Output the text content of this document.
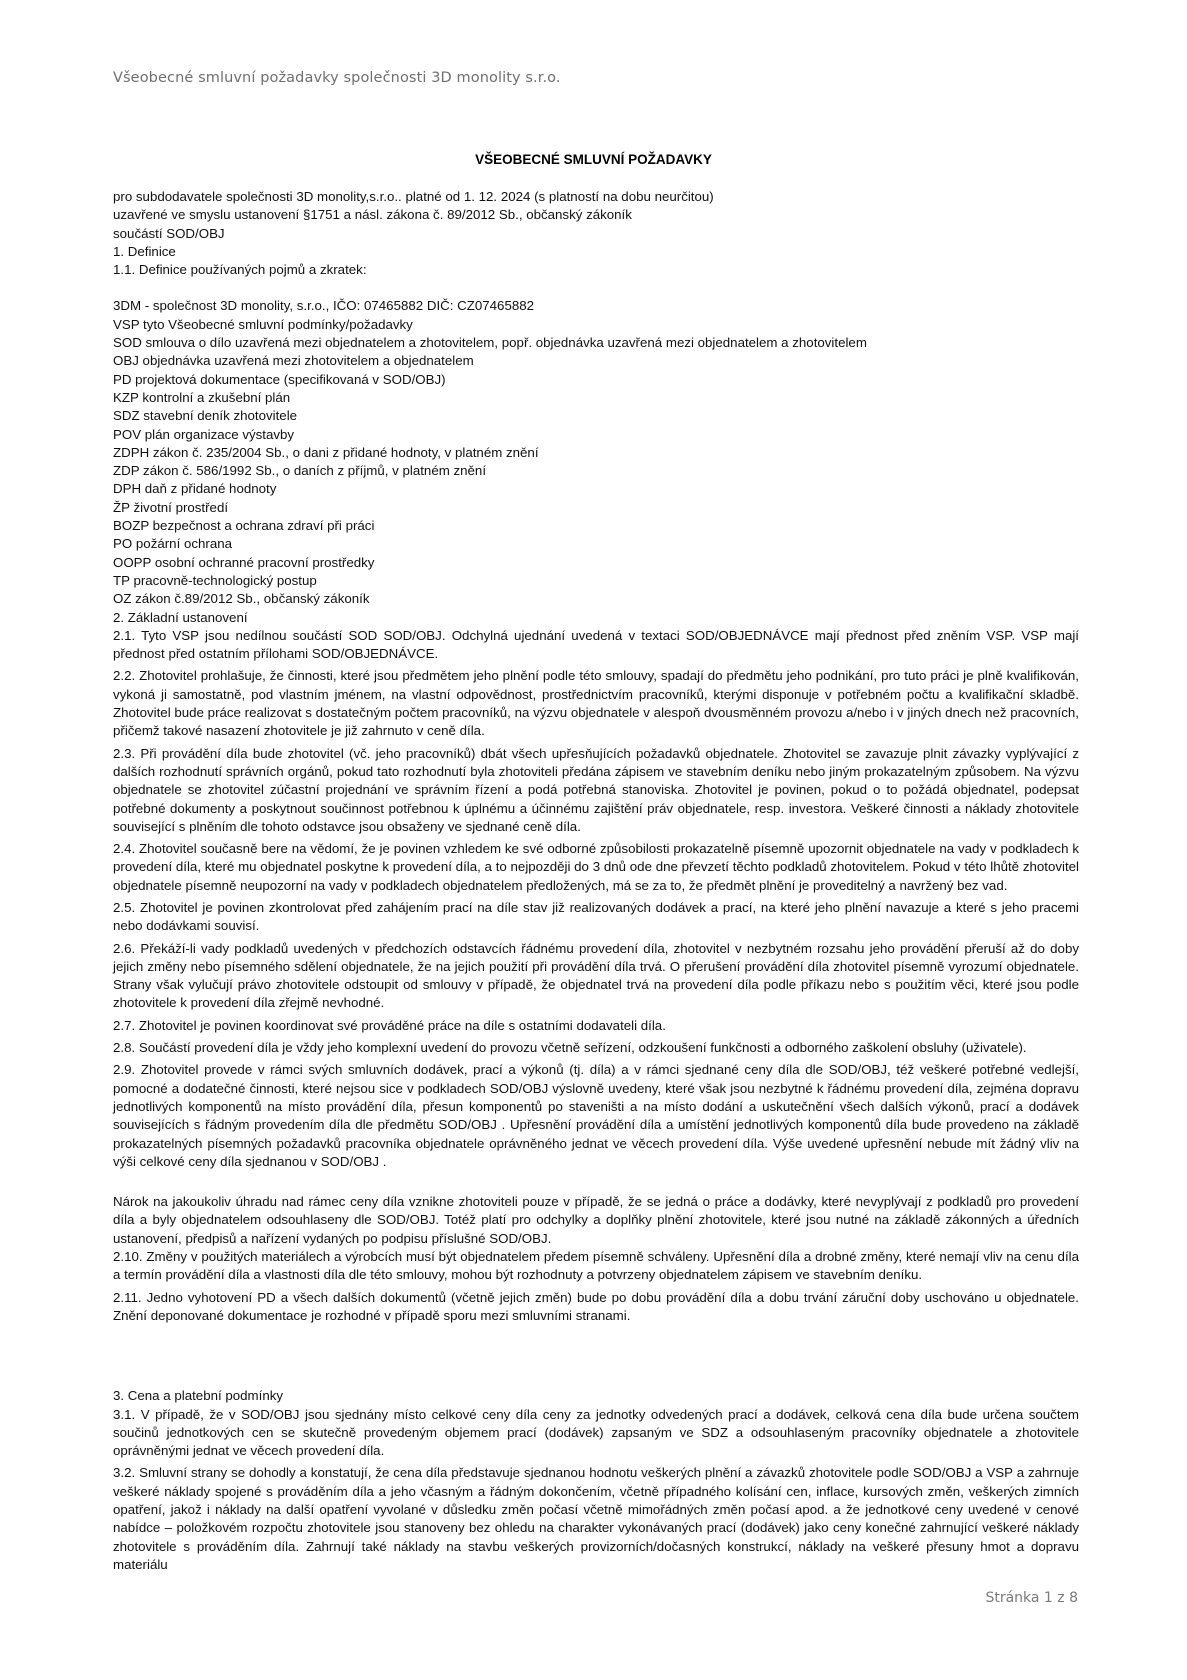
Všeobecné smluvní požadavky společnosti 3D monolity s.r.o.
VŠEOBECNÉ SMLUVNÍ POŽADAVKY

pro subdodavatele společnosti 3D monolity,s.r.o.. platné od 1. 12. 2024 (s platností na dobu neurčitou)

uzavřené ve smyslu ustanovení §1751 a násl. zákona č. 89/2012 Sb., občanský zákoník

součástí SOD/OBJ

1. Definice

1.1. Definice používaných pojmů a zkratek:

3DM - společnost 3D monolity, s.r.o., IČO: 07465882 DIČ: CZ07465882

VSP tyto Všeobecné smluvní podmínky/požadavky

SOD smlouva o dílo uzavřená mezi objednatelem a zhotovitelem, popř. objednávka uzavřená mezi objednatelem a zhotovitelem

OBJ objednávka uzavřená mezi zhotovitelem a objednatelem

PD projektová dokumentace (specifikovaná v SOD/OBJ)

KZP kontrolní a zkušební plán

SDZ stavební deník zhotovitele

POV plán organizace výstavby

ZDPH zákon č. 235/2004 Sb., o dani z přidané hodnoty, v platném znění

ZDP zákon č. 586/1992 Sb., o daních z příjmů, v platném znění

DPH daň z přidané hodnoty

ŽP životní prostředí

BOZP bezpečnost a ochrana zdraví při práci

PO požární ochrana

OOPP osobní ochranné pracovní prostředky

TP pracovně-technologický postup

OZ zákon č.89/2012 Sb., občanský zákoník

2. Základní ustanovení

2.1. Tyto VSP jsou nedílnou součástí SOD SOD/OBJ. Odchylná ujednání uvedená v textaci SOD/OBJEDNÁVCE mají přednost před zněním VSP. VSP mají přednost před ostatním přílohami SOD/OBJEDNÁVCE.

2.2. Zhotovitel prohlašuje, že činnosti, které jsou předmětem jeho plnění podle této smlouvy, spadají do předmětu jeho podnikání, pro tuto práci je plně kvalifikován, vykoná ji samostatně, pod vlastním jménem, na vlastní odpovědnost, prostřednictvím pracovníků, kterými disponuje v potřebném počtu a kvalifikační skladbě. Zhotovitel bude práce realizovat s dostatečným počtem pracovníků, na výzvu objednatele v alespoň dvousměnném provozu a/nebo i v jiných dnech než pracovních, přičemž takové nasazení zhotovitele je již zahrnuto v ceně díla.

2.3. Při provádění díla bude zhotovitel (vč. jeho pracovníků) dbát všech upřesňujících požadavků objednatele. Zhotovitel se zavazuje plnit závazky vyplývající z dalších rozhodnutí správních orgánů, pokud tato rozhodnutí byla zhotoviteli předána zápisem ve stavebním deníku nebo jiným prokazatelným způsobem. Na výzvu objednatele se zhotovitel zúčastní projednání ve správním řízení a podá potřebná stanoviska. Zhotovitel je povinen, pokud o to požádá objednatel, podepsat potřebné dokumenty a poskytnout součinnost potřebnou k úplnému a účinnému zajištění práv objednatele, resp. investora. Veškeré činnosti a náklady zhotovitele související s plněním dle tohoto odstavce jsou obsaženy ve sjednané ceně díla.

2.4. Zhotovitel současně bere na vědomí, že je povinen vzhledem ke své odborné způsobilosti prokazatelně písemně upozornit objednatele na vady v podkladech k provedení díla, které mu objednatel poskytne k provedení díla, a to nejpozději do 3 dnů ode dne převzetí těchto podkladů zhotovitelem. Pokud v této lhůtě zhotovitel objednatele písemně neupozorní na vady v podkladech objednatelem předložených, má se za to, že předmět plnění je proveditelný a navržený bez vad.

2.5. Zhotovitel je povinen zkontrolovat před zahájením prací na díle stav již realizovaných dodávek a prací, na které jeho plnění navazuje a které s jeho pracemi nebo dodávkami souvisí.

2.6. Překáží-li vady podkladů uvedených v předchozích odstavcích řádnému provedení díla, zhotovitel v nezbytném rozsahu jeho provádění přeruší až do doby jejich změny nebo písemného sdělení objednatele, že na jejich použití při provádění díla trvá. O přerušení provádění díla zhotovitel písemně vyrozumí objednatele. Strany však vylučují právo zhotovitele odstoupit od smlouvy v případě, že objednatel trvá na provedení díla podle příkazu nebo s použitím věci, které jsou podle zhotovitele k provedení díla zřejmě nevhodné.

2.7. Zhotovitel je povinen koordinovat své prováděné práce na díle s ostatními dodavateli díla.

2.8. Součástí provedení díla je vždy jeho komplexní uvedení do provozu včetně seřízení, odzkoušení funkčnosti a odborného zaškolení obsluhy (uživatele).

2.9. Zhotovitel provede v rámci svých smluvních dodávek, prací a výkonů (tj. díla) a v rámci sjednané ceny díla dle SOD/OBJ, též veškeré potřebné vedlejší, pomocné a dodatečné činnosti, které nejsou sice v podkladech SOD/OBJ výslovně uvedeny, které však jsou nezbytné k řádnému provedení díla, zejména dopravu jednotlivých komponentů na místo provádění díla, přesun komponentů po staveništi a na místo dodání a uskutečnění všech dalších výkonů, prací a dodávek souvisejících s řádným provedením díla dle předmětu SOD/OBJ . Upřesnění provádění díla a umístění jednotlivých komponentů díla bude provedeno na základě prokazatelných písemných požadavků pracovníka objednatele oprávněného jednat ve věcech provedení díla. Výše uvedené upřesnění nebude mít žádný vliv na výši celkové ceny díla sjednanou v SOD/OBJ .

Nárok na jakoukoliv úhradu nad rámec ceny díla vznikne zhotoviteli pouze v případě, že se jedná o práce a dodávky, které nevyplývají z podkladů pro provedení díla a byly objednatelem odsouhlaseny dle SOD/OBJ. Totéž platí pro odchylky a doplňky plnění zhotovitele, které jsou nutné na základě zákonných a úředních ustanovení, předpisů a nařízení vydaných po podpisu příslušné SOD/OBJ.

2.10. Změny v použitých materiálech a výrobcích musí být objednatelem předem písemně schváleny. Upřesnění díla a drobné změny, které nemají vliv na cenu díla a termín provádění díla a vlastnosti díla dle této smlouvy, mohou být rozhodnuty a potvrzeny objednatelem zápisem ve stavebním deníku.

2.11. Jedno vyhotovení PD a všech dalších dokumentů (včetně jejich změn) bude po dobu provádění díla a dobu trvání záruční doby uschováno u objednatele. Znění deponované dokumentace je rozhodné v případě sporu mezi smluvními stranami.

3. Cena a platební podmínky

3.1. V případě, že v SOD/OBJ jsou sjednány místo celkové ceny díla ceny za jednotky odvedených prací a dodávek, celková cena díla bude určena součtem součinů jednotkových cen se skutečně provedeným objemem prací (dodávek) zapsaným ve SDZ a odsouhlaseným pracovníky objednatele a zhotovitele oprávněnými jednat ve věcech provedení díla.

3.2. Smluvní strany se dohodly a konstatují, že cena díla představuje sjednanou hodnotu veškerých plnění a závazků zhotovitele podle SOD/OBJ a VSP a zahrnuje veškeré náklady spojené s prováděním díla a jeho včasným a řádným dokončením, včetně případného kolísání cen, inflace, kursových změn, veškerých zimních opatření, jakož i náklady na další opatření vyvolané v důsledku změn počasí včetně mimořádných změn počasí apod. a že jednotkové ceny uvedené v cenové nabídce – položkovém rozpočtu zhotovitele jsou stanoveny bez ohledu na charakter vykonávaných prací (dodávek) jako ceny konečné zahrnující veškeré náklady zhotovitele s prováděním díla. Zahrnují také náklady na stavbu veškerých provizorních/dočasných konstrukcí, náklady na veškeré přesuny hmot a dopravu materiálu

Stránka 1 z 8
